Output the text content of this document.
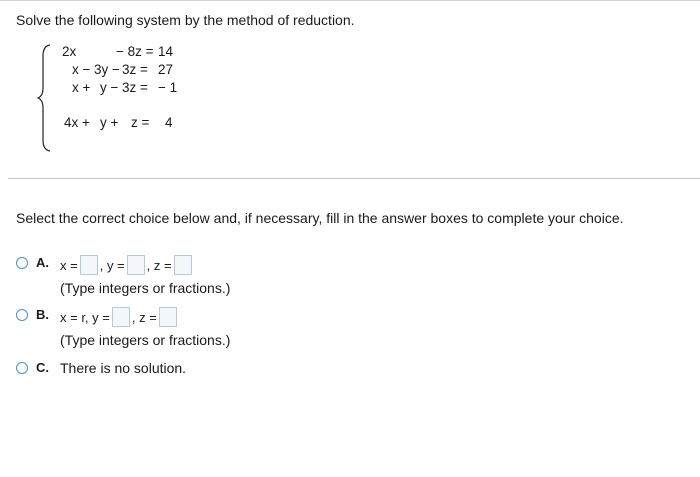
Solve the following system by the method of reduction.
2x	− 8z = 14
x − 3y − 3z = 27
x + y − 3z = − 1
4x + y + z = 4
Select the correct choice below and, if necessary, fill in the answer boxes to complete your choice.
A. x = , y = , z =
(Type integers or fractions.)
B. x = r, y = , z =
(Type integers or fractions.)
C. There is no solution.
